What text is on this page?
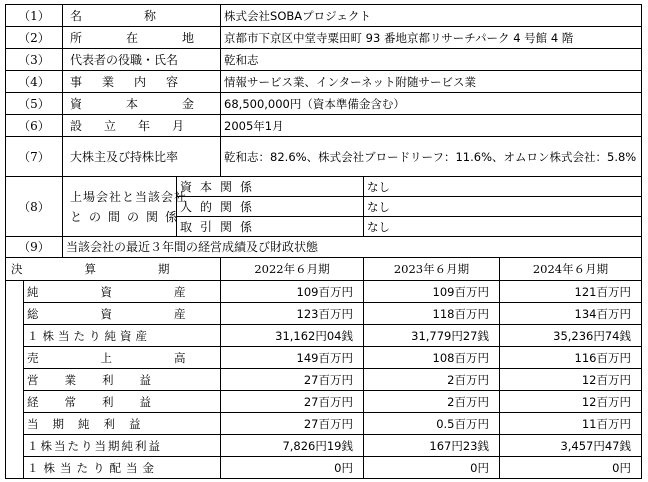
（1）	名称		株式会社SOBAプロジェクト	
（2）	所在地		京都市下京区中堂寺粟田町 93 番地京都リサーチパーク 4 号館 4 階	
（3）	代表者の役職・氏名		乾和志	
（4）	事業内容		情報サービス業、インターネット附随サービス業	
（5）	資本金		68,500,000円（資本準備金含む）	
（6）	設立年月		2005年1月	
（7）	大株主及び持株比率		乾和志：82.6%、株式会社ブロードリーフ：11.6%、オムロン株式会社：5.8%	
（8）	上場会社と当該会社
との間の関係	資本関係		なし
		人的関係		なし
		取引関係		なし
（9）	当該会社の最近３年間の経営成績及び財政状態			
決算期		2022年６月期	2023年６月期	2024年６月期
	純資産	109百万円	109百万円	121百万円
	総資産	123百万円	118百万円	134百万円
	１株当たり純資産	31,162円04銭	31,779円27銭	35,236円74銭
	売上高	149百万円	108百万円	116百万円
	営業利益	27百万円	2百万円	12百万円
	経常利益	27百万円	2百万円	12百万円
	当期純利益	27百万円	0.5百万円	11百万円
	１株当たり当期純利益	7,826円19銭	167円23銭	3,457円47銭
	１株当たり配当金	0円	0円	0円
